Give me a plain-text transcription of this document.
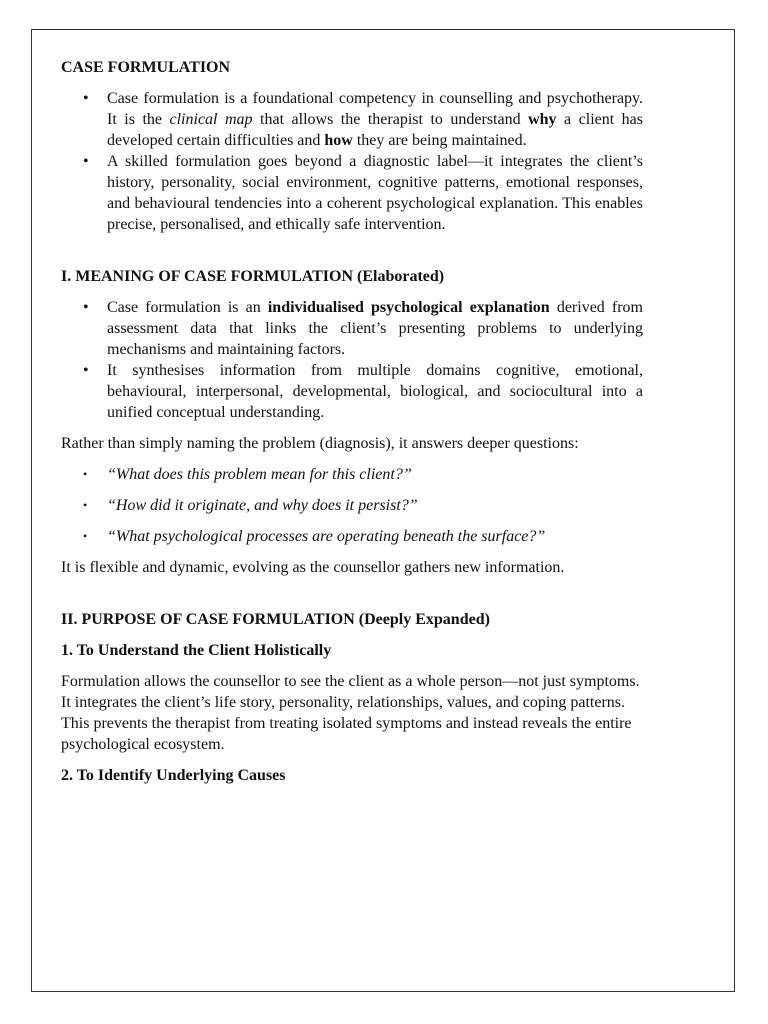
CASE FORMULATION
• Case formulation is a foundational competency in counselling and psychotherapy. It is the clinical map that allows the therapist to understand why a client has developed certain difficulties and how they are being maintained.
• A skilled formulation goes beyond a diagnostic label—it integrates the client’s history, personality, social environment, cognitive patterns, emotional responses, and behavioural tendencies into a coherent psychological explanation. This enables precise, personalised, and ethically safe intervention.
I. MEANING OF CASE FORMULATION (Elaborated)
• Case formulation is an individualised psychological explanation derived from assessment data that links the client’s presenting problems to underlying mechanisms and maintaining factors.
• It synthesises information from multiple domains cognitive, emotional, behavioural, interpersonal, developmental, biological, and sociocultural into a unified conceptual understanding.

Rather than simply naming the problem (diagnosis), it answers deeper questions:

• “What does this problem mean for this client?”
• “How did it originate, and why does it persist?”
• “What psychological processes are operating beneath the surface?”

It is flexible and dynamic, evolving as the counsellor gathers new information.

II. PURPOSE OF CASE FORMULATION (Deeply Expanded)
1. To Understand the Client Holistically

Formulation allows the counsellor to see the client as a whole person—not just symptoms. It integrates the client’s life story, personality, relationships, values, and coping patterns. This prevents the therapist from treating isolated symptoms and instead reveals the entire psychological ecosystem.

2. To Identify Underlying Causes
